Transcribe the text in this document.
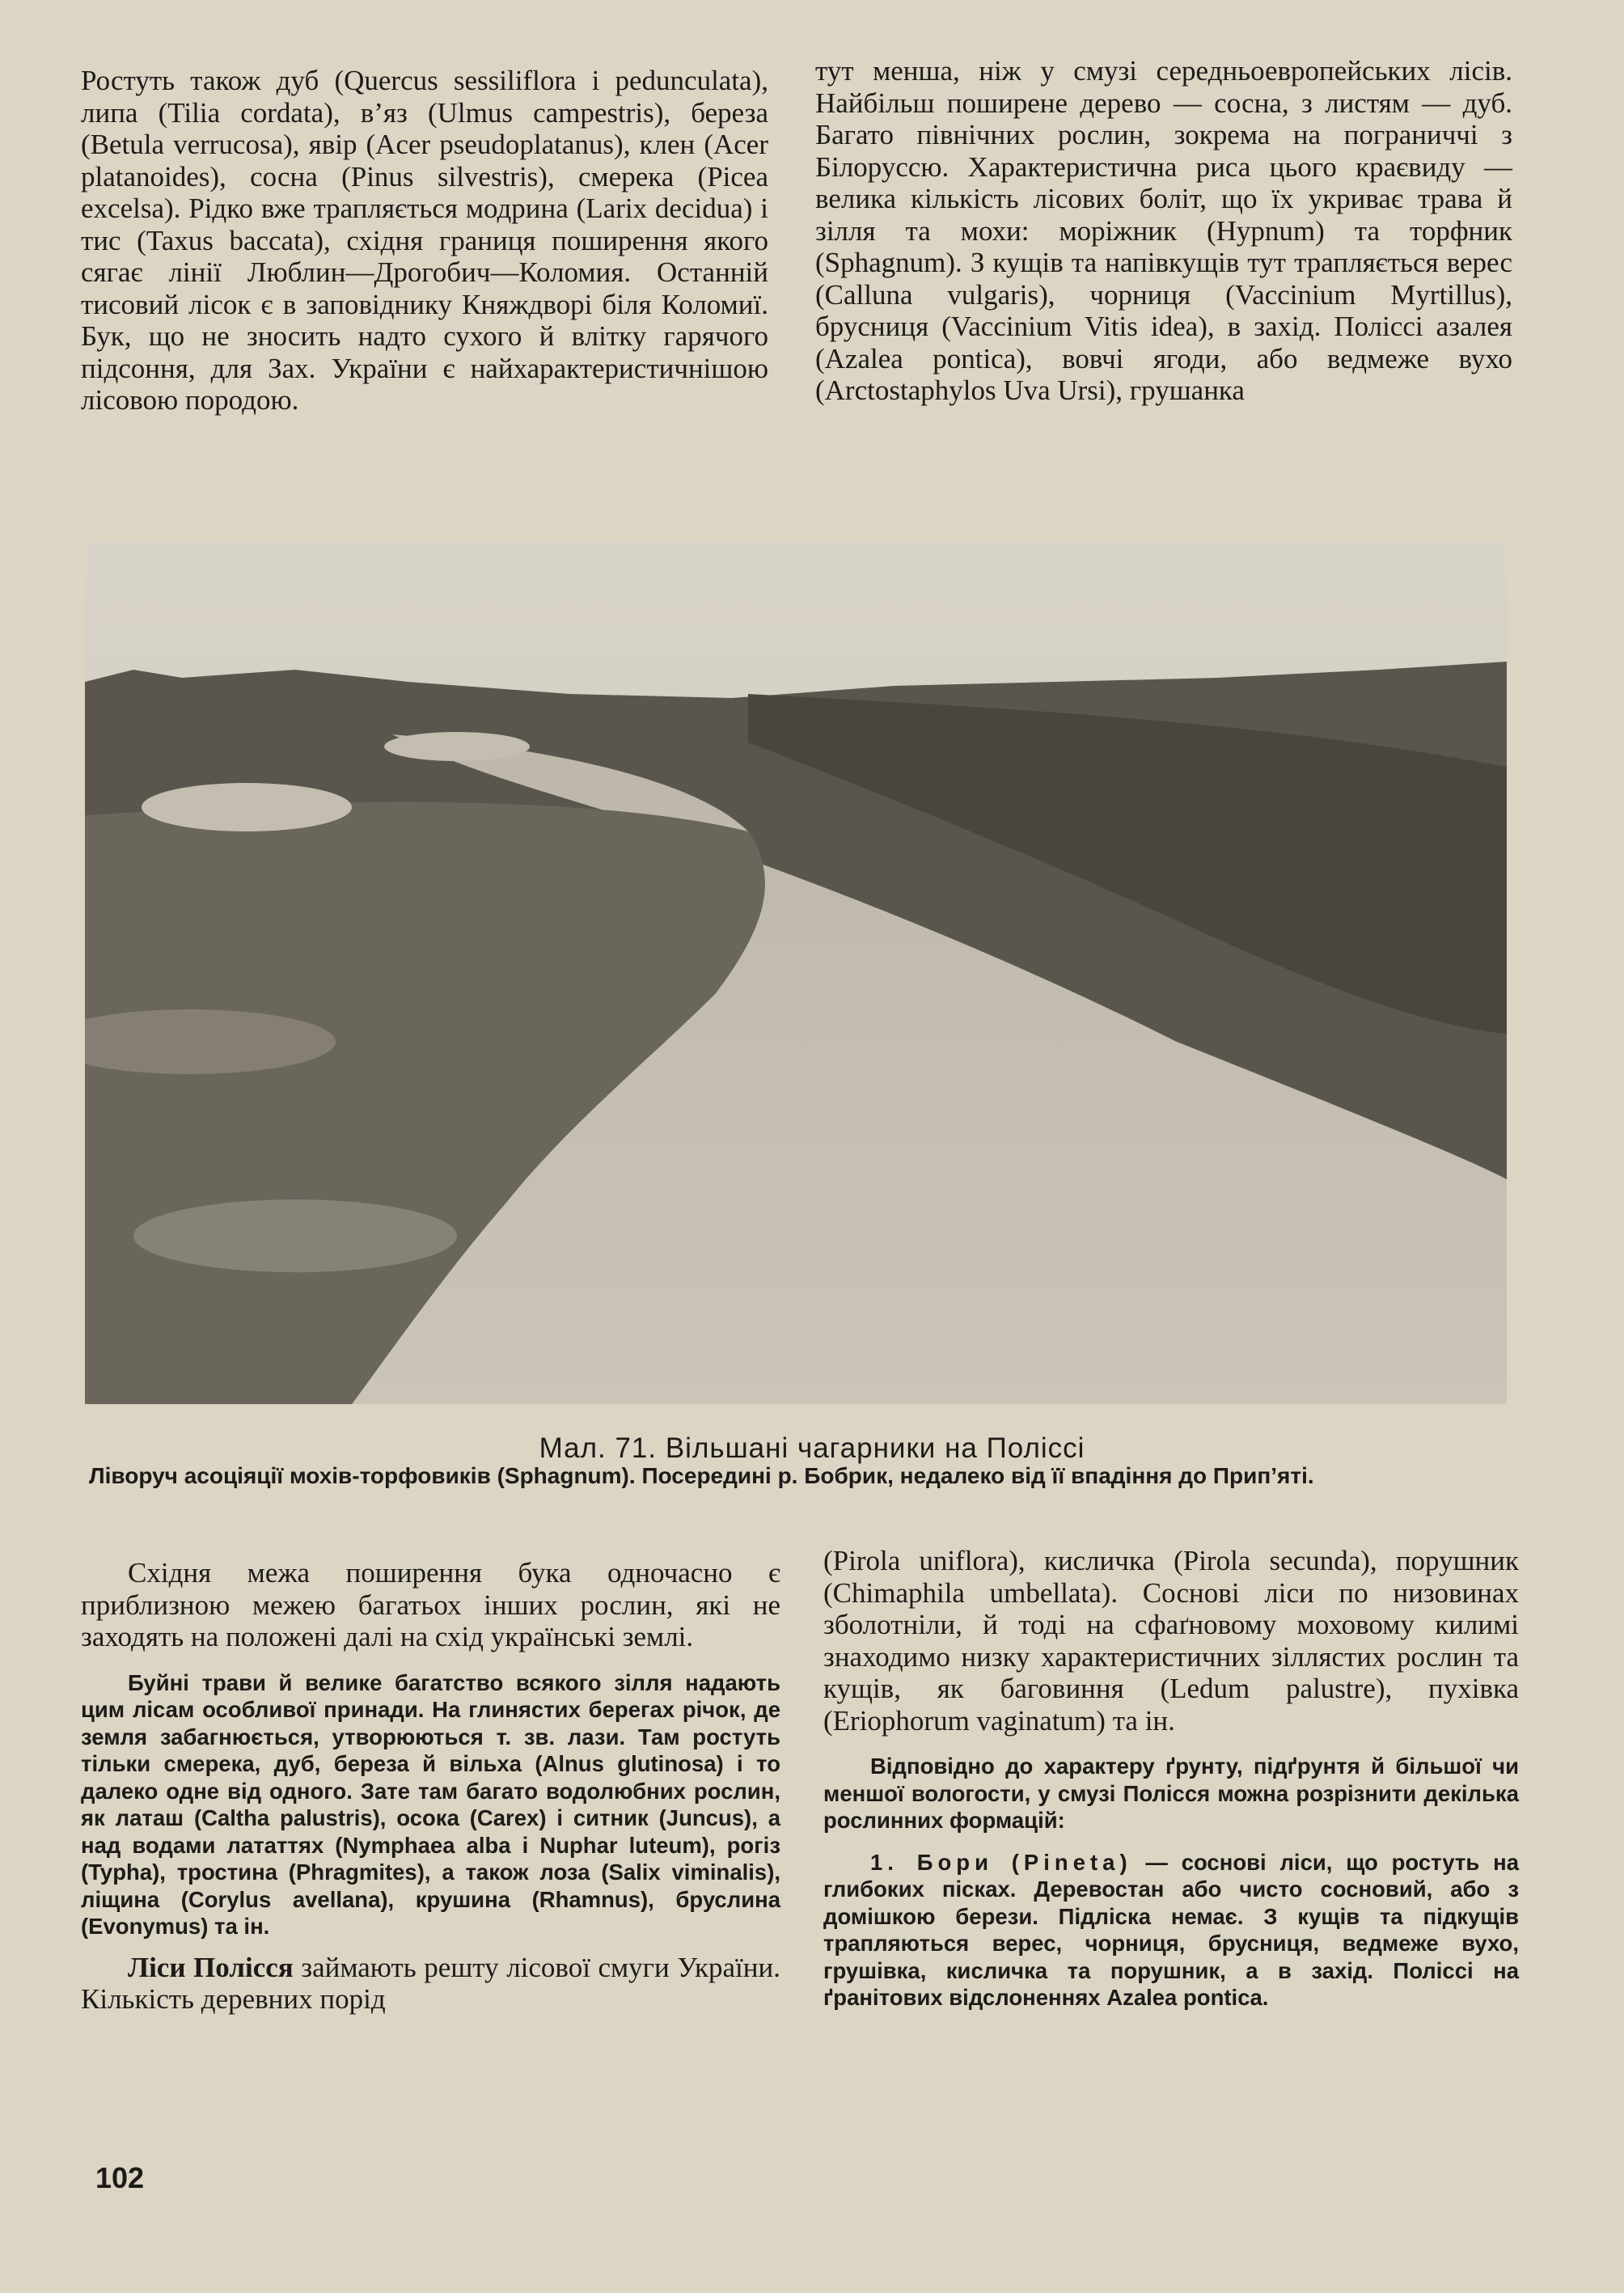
Ростуть також дуб (Quercus sessiliflora і pedunculata), липа (Tilia cordata), в’яз (Ulmus campestris), береза (Betula verrucosa), явір (Acer pseudoplatanus), клен (Acer platanoides), сосна (Pinus silvestris), смерека (Picea excelsa). Рідко вже трапляється модрина (Larix decidua) і тис (Taxus baccata), східня границя поширення якого сягає лінії Люблин—Дрогобич—Коломия. Останній тисовий лісок є в заповіднику Княждворі біля Коломиї. Бук, що не зносить надто сухого й влітку гарячого підсоння, для Зах. України є найхарактеристичнішою лісовою породою.

тут менша, ніж у смузі середньоевропейських лісів. Найбільш поширене дерево — сосна, з листям — дуб. Багато північних рослин, зокрема на пограниччі з Білоруссю. Характеристична риса цього краєвиду — велика кількість лісових боліт, що їх укриває трава й зілля та мохи: моріжник (Hypnum) та торфник (Sphagnum). З кущів та напівкущів тут трапляється верес (Calluna vulgaris), чорниця (Vaccinium Myrtillus), брусниця (Vaccinium Vitis idea), в захід. Поліссі азалея (Azalea pontica), вовчі ягоди, або ведмеже вухо (Arctostaphylos Uva Ursi), грушанка

Мал. 71. Вільшані чагарники на Поліссі
Ліворуч асоціяції мохів-торфовиків (Sphagnum). Посередині р. Бобрик, недалеко від її впадіння до Прип’яті.

Східня межа поширення бука одночасно є приблизною межею багатьох інших рослин, які не заходять на положені далі на схід українські землі.

Буйні трави й велике багатство всякого зілля надають цим лісам особливої принади. На глинястих берегах річок, де земля забагнюється, утворюються т. зв. лази. Там ростуть тільки смерека, дуб, береза й вільха (Alnus glutinosa) і то далеко одне від одного. Зате там багато водолюбних рослин, як латаш (Caltha palustris), осока (Carex) і ситник (Juncus), а над водами лататтях (Nymphaea alba і Nuphar luteum), рогіз (Typha), тростина (Phragmites), а також лоза (Salix viminalis), ліщина (Corylus avellana), крушина (Rhamnus), бруслина (Evonymus) та ін.

Ліси Полісся займають решту лісової смуги України. Кількість деревних порід

(Pirola uniflora), кисличка (Pirola secunda), порушник (Chimaphila umbellata). Соснові ліси по низовинах зболотніли, й тоді на сфаґновому моховому килимі знаходимо низку характеристичних зіллястих рослин та кущів, як баговиння (Ledum palustre), пухівка (Eriophorum vaginatum) та ін.

Відповідно до характеру ґрунту, підґрунтя й більшої чи меншої вологости, у смузі Полісся можна розрізнити декілька рослинних формацій:

1. Бори (Pineta) — соснові ліси, що ростуть на глибоких пісках. Деревостан або чисто сосновий, або з домішкою берези. Підліска немає. З кущів та підкущів трапляються верес, чорниця, брусниця, ведмеже вухо, грушівка, кисличка та порушник, а в захід. Поліссі на ґранітових відслоненнях Azalea pontica.

102
